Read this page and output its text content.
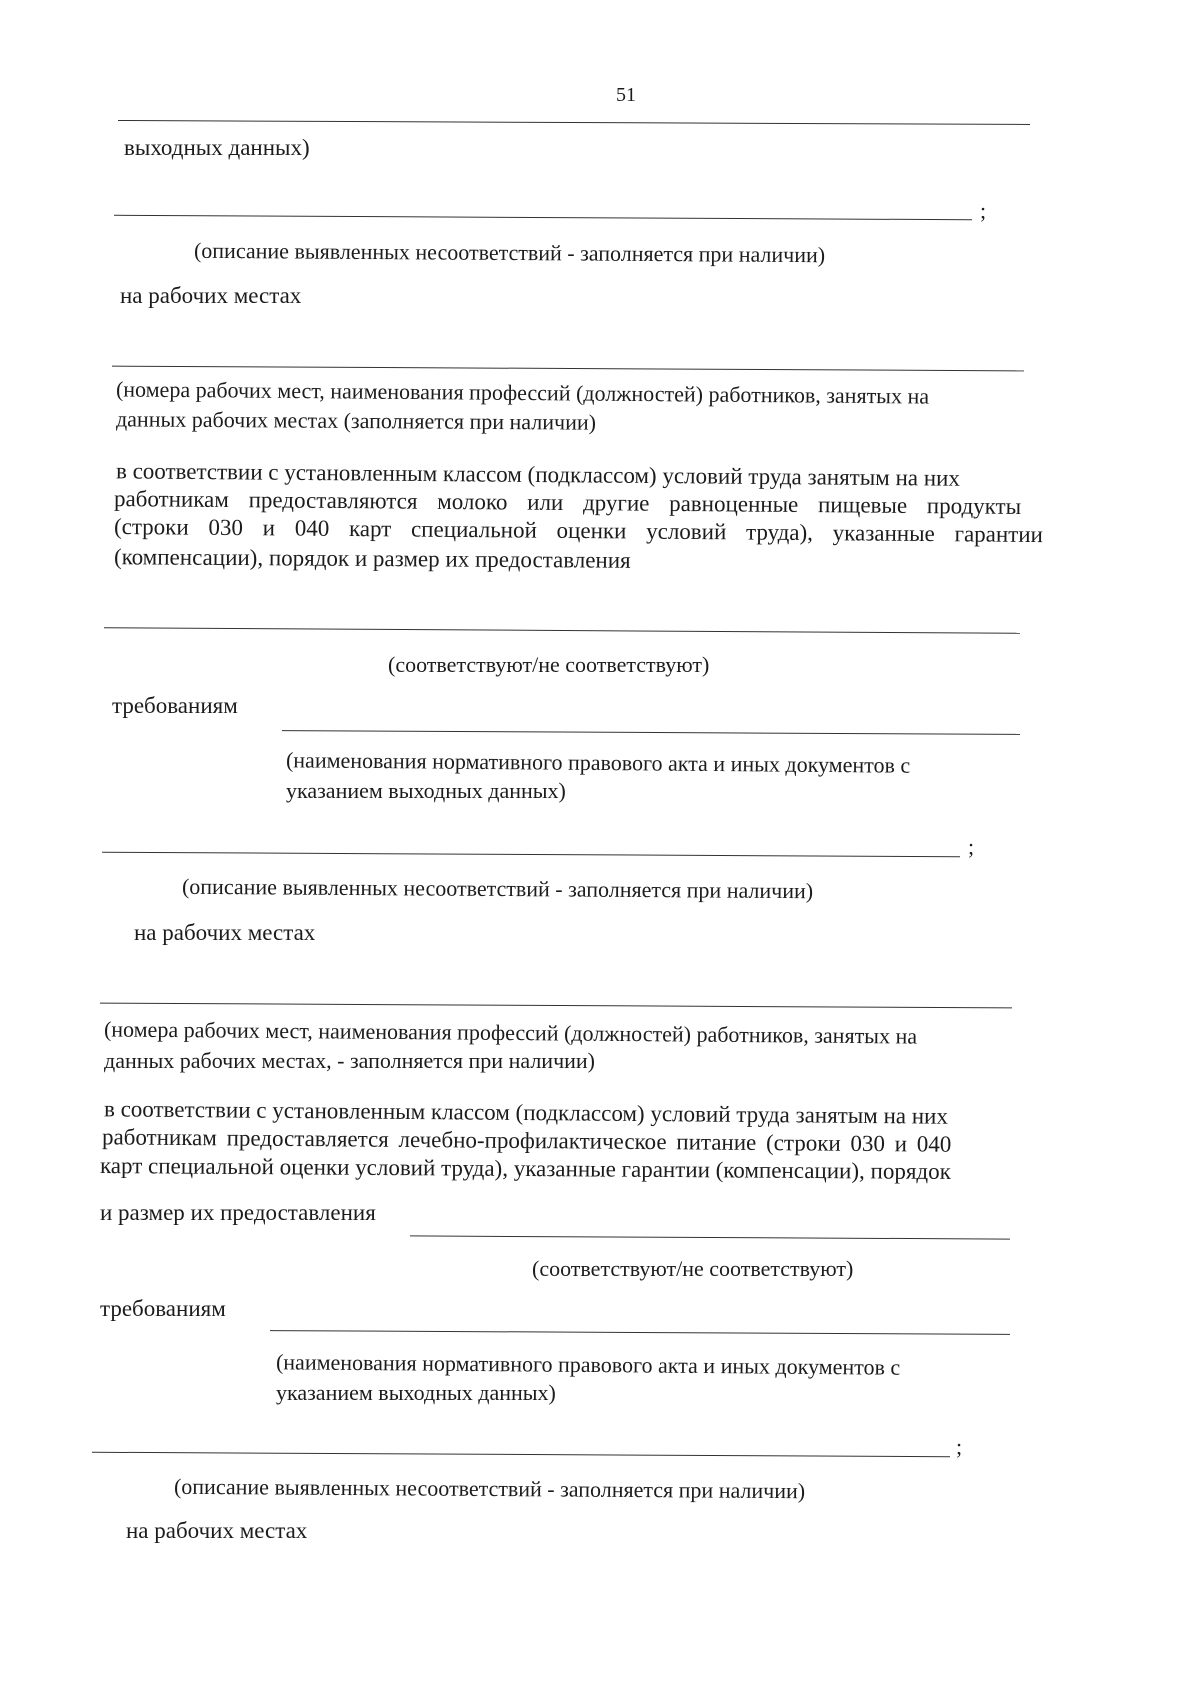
51
выходных данных)
;
(описание выявленных несоответствий - заполняется при наличии)
на рабочих местах
(номера рабочих мест, наименования профессий (должностей) работников, занятых на
данных рабочих местах (заполняется при наличии)
в соответствии с установленным классом (подклассом) условий труда занятым на них
работникам предоставляются молоко или другие равноценные пищевые продукты
(строки 030 и 040 карт специальной оценки условий труда), указанные гарантии
(компенсации), порядок и размер их предоставления
(соответствуют/не соответствуют)
требованиям
(наименования нормативного правового акта и иных документов с
указанием выходных данных)
;
(описание выявленных несоответствий - заполняется при наличии)
на рабочих местах
(номера рабочих мест, наименования профессий (должностей) работников, занятых на
данных рабочих местах, - заполняется при наличии)
в соответствии с установленным классом (подклассом) условий труда занятым на них
работникам предоставляется лечебно-профилактическое питание (строки 030 и 040
карт специальной оценки условий труда), указанные гарантии (компенсации), порядок
и размер их предоставления
(соответствуют/не соответствуют)
требованиям
(наименования нормативного правового акта и иных документов с
указанием выходных данных)
;
(описание выявленных несоответствий - заполняется при наличии)
на рабочих местах
